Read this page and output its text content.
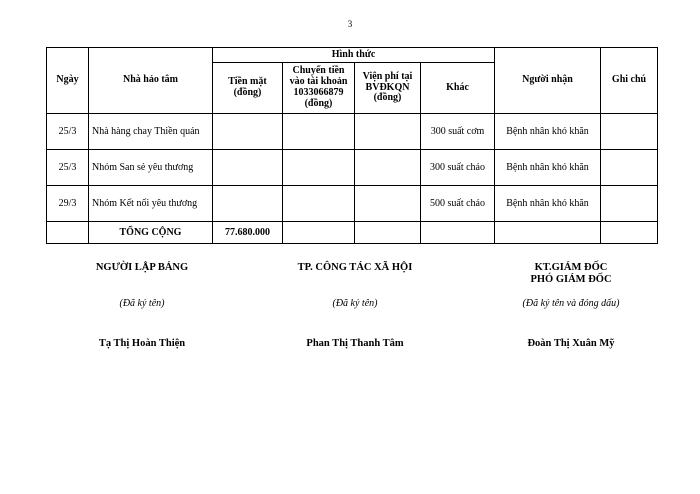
3
Ngày	Nhà hảo tâm	Hình thức				Người nhận	Ghi chú
		Tiền mặt (đồng)	Chuyển tiền vào tài khoản 1033066879 (đồng)	Viện phí tại BVĐKQN (đồng)	Khác		
25/3	Nhà hàng chay Thiền quán				300 suất cơm	Bệnh nhân khó khăn	
25/3	Nhóm San sẻ yêu thương				300 suất cháo	Bệnh nhân khó khăn	
29/3	Nhóm Kết nối yêu thương				500 suất cháo	Bệnh nhân khó khăn	
	TỔNG CỘNG	77.680.000					
NGƯỜI LẬP BẢNG
(Đã ký tên)
Tạ Thị Hoàn Thiện
TP. CÔNG TÁC XÃ HỘI
(Đã ký tên)
Phan Thị Thanh Tâm
KT.GIÁM ĐỐC
PHÓ GIÁM ĐỐC
(Đã ký tên và đóng dấu)
Đoàn Thị Xuân Mỹ
